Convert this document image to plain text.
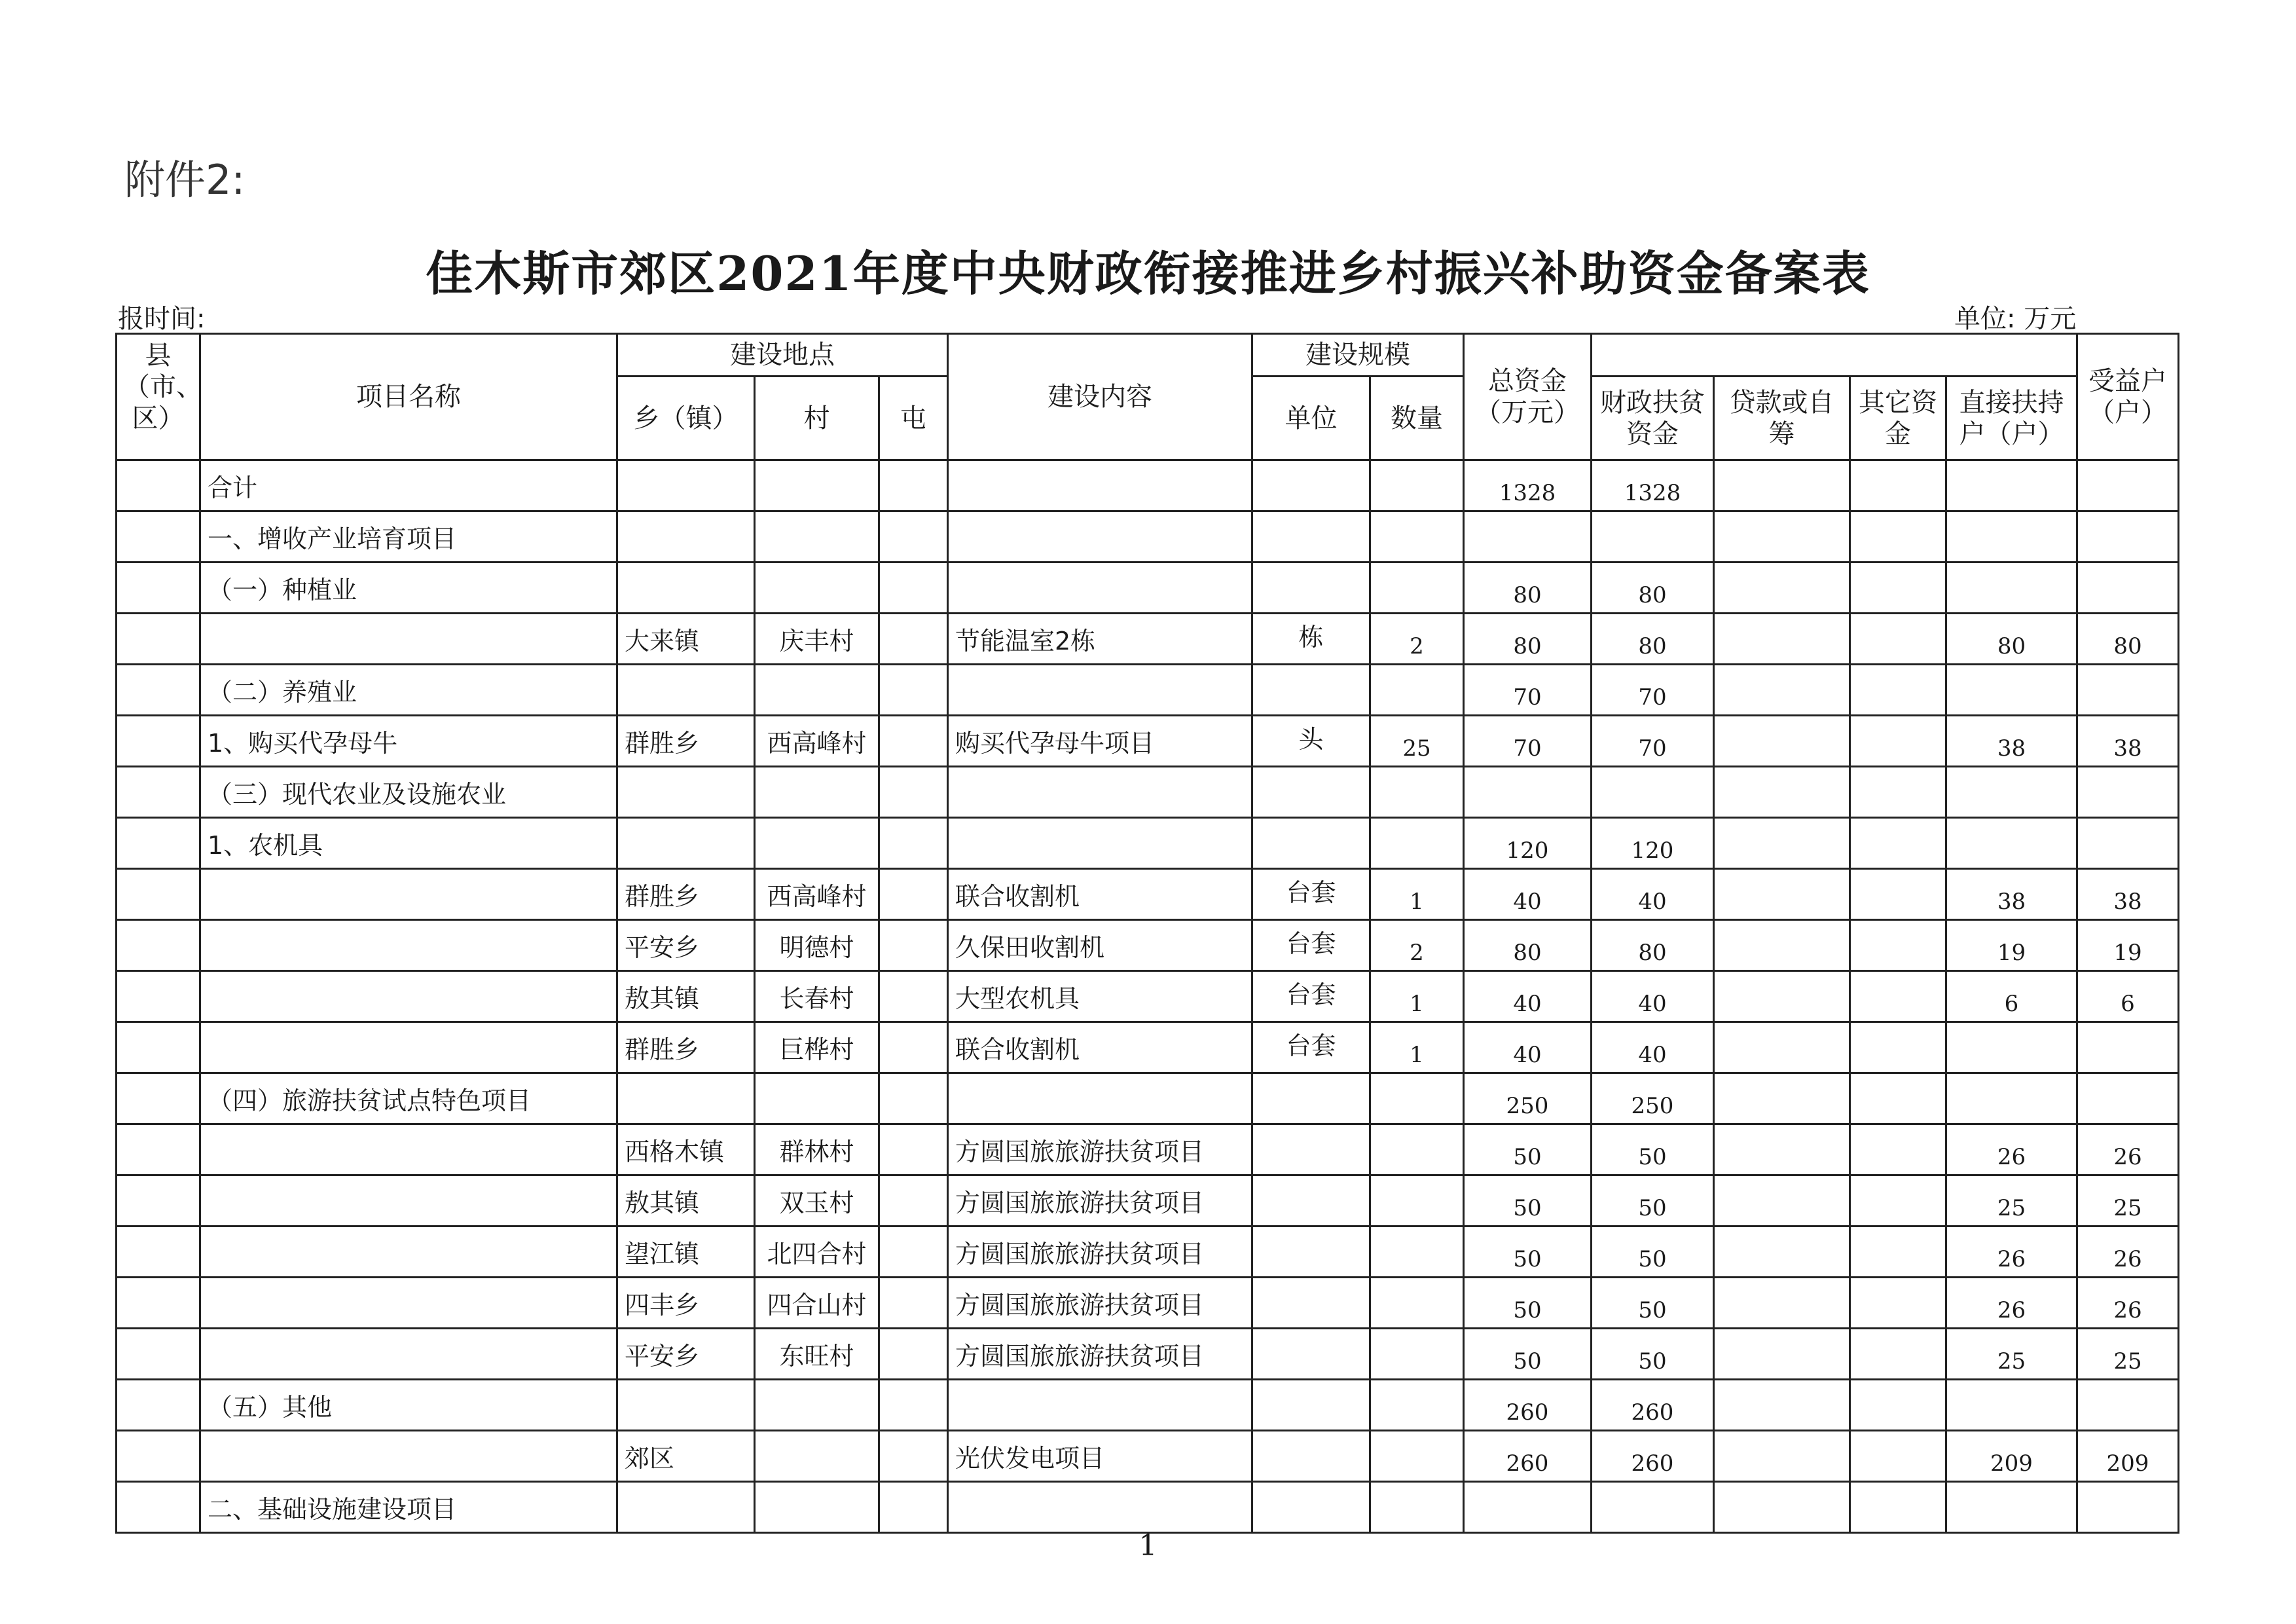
附件2:
佳木斯市郊区2021年度中央财政衔接推进乡村振兴补助资金备案表
报时间:	单位: 万元
县（市、区）	项目名称	建设地点			建设内容	建设规模		总资金（万元）					受益户（户）
		乡（镇）	村	屯		单位	数量		财政扶贫资金	贷款或自筹	其它资金	直接扶持户（户）	
	合计							1328	1328				
	一、增收产业培育项目												
	（一）种植业							80	80				
		大来镇	庆丰村		节能温室2栋	栋	2	80	80			80	80
	（二）养殖业							70	70				
	1、购买代孕母牛	群胜乡	西高峰村		购买代孕母牛项目	头	25	70	70			38	38
	（三）现代农业及设施农业												
	1、农机具							120	120				
		群胜乡	西高峰村		联合收割机	台套	1	40	40			38	38
		平安乡	明德村		久保田收割机	台套	2	80	80			19	19
		敖其镇	长春村		大型农机具	台套	1	40	40			6	6
		群胜乡	巨桦村		联合收割机	台套	1	40	40				
	（四）旅游扶贫试点特色项目							250	250				
		西格木镇	群林村		方圆国旅旅游扶贫项目			50	50			26	26
		敖其镇	双玉村		方圆国旅旅游扶贫项目			50	50			25	25
		望江镇	北四合村		方圆国旅旅游扶贫项目			50	50			26	26
		四丰乡	四合山村		方圆国旅旅游扶贫项目			50	50			26	26
		平安乡	东旺村		方圆国旅旅游扶贫项目			50	50			25	25
	（五）其他							260	260				
		郊区			光伏发电项目			260	260			209	209
	二、基础设施建设项目												
1
